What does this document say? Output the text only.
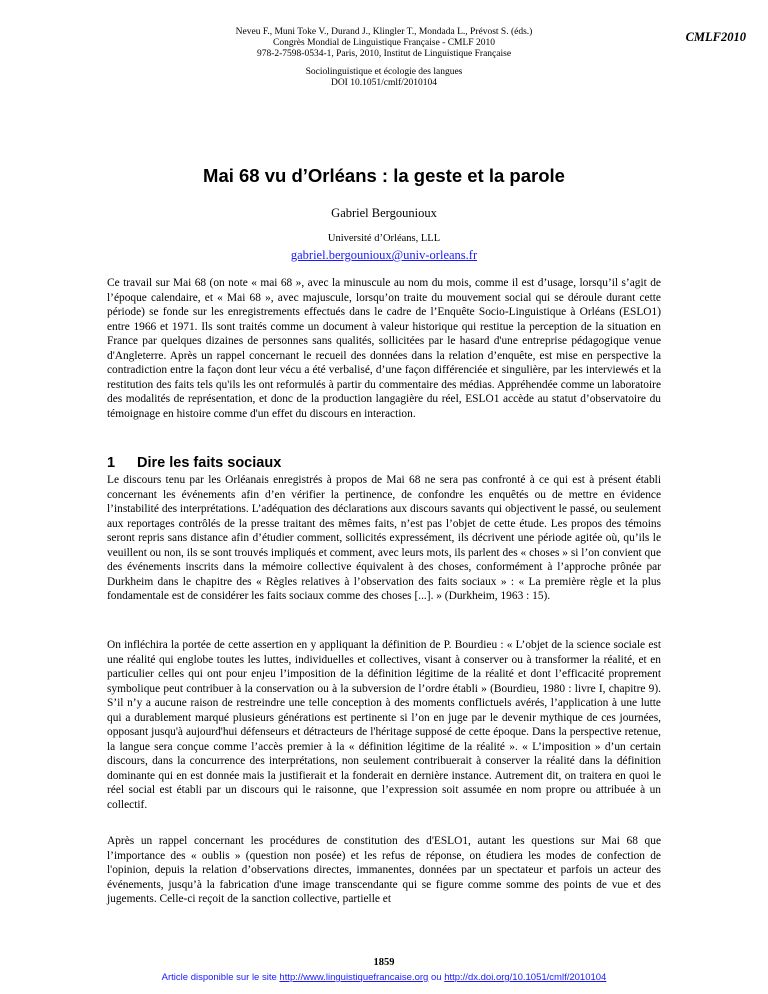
Neveu F., Muni Toke V., Durand J., Klingler T., Mondada L., Prévost S. (éds.)
Congrès Mondial de Linguistique Française - CMLF 2010
978-2-7598-0534-1, Paris, 2010, Institut de Linguistique Française
CMLF2010
Sociolinguistique et écologie des langues
DOI 10.1051/cmlf/2010104
Mai 68 vu d’Orléans : la geste et la parole
Gabriel Bergounioux
Université d’Orléans, LLL
gabriel.bergounioux@univ-orleans.fr

Ce travail sur Mai 68 (on note « mai 68 », avec la minuscule au nom du mois, comme il est d’usage, lorsqu’il s’agit de l’époque calendaire, et « Mai 68 », avec majuscule, lorsqu’on traite du mouvement social qui se déroule durant cette période) se fonde sur les enregistrements effectués dans le cadre de l’Enquête Socio-Linguistique à Orléans (ESLO1) entre 1966 et 1971. Ils sont traités comme un document à valeur historique qui restitue la perception de la situation en France par quelques dizaines de personnes sans qualités, sollicitées par le hasard d'une entreprise pédagogique venue d'Angleterre. Après un rappel concernant le recueil des données dans la relation d’enquête, est mise en perspective la contradiction entre la façon dont leur vécu a été verbalisé, d’une façon différenciée et singulière, par les interviewés et la restitution des faits tels qu'ils les ont reformulés à partir du commentaire des médias. Appréhendée comme un laboratoire des modalités de représentation, et donc de la production langagière du réel, ESLO1 accède au statut d’observatoire du témoignage en histoire comme d'un effet du discours en interaction.

1 Dire les faits sociaux

Le discours tenu par les Orléanais enregistrés à propos de Mai 68 ne sera pas confronté à ce qui est à présent établi concernant les événements afin d’en vérifier la pertinence, de confondre les enquêtés ou de mettre en évidence l’instabilité des interprétations. L’adéquation des déclarations aux discours savants qui objectivent le passé, ou seulement aux reportages contrôlés de la presse traitant des mêmes faits, n’est pas l’objet de cette étude. Les propos des témoins seront repris sans distance afin d’étudier comment, sollicités expressément, ils décrivent une période agitée où, qu’ils le veuillent ou non, ils se sont trouvés impliqués et comment, avec leurs mots, ils parlent des « choses » si l’on convient que des événements inscrits dans la mémoire collective équivalent à des choses, conformément à l’approche prônée par Durkheim dans le chapitre des « Règles relatives à l’observation des faits sociaux » : « La première règle et la plus fondamentale est de considérer les faits sociaux comme des choses [...]. » (Durkheim, 1963 : 15).

On infléchira la portée de cette assertion en y appliquant la définition de P. Bourdieu : « L’objet de la science sociale est une réalité qui englobe toutes les luttes, individuelles et collectives, visant à conserver ou à transformer la réalité, et en particulier celles qui ont pour enjeu l’imposition de la définition légitime de la réalité et dont l’efficacité proprement symbolique peut contribuer à la conservation ou à la subversion de l’ordre établi » (Bourdieu, 1980 : livre I, chapitre 9). S’il n’y a aucune raison de restreindre une telle conception à des moments conflictuels avérés, l’application à une lutte qui a durablement marqué plusieurs générations est pertinente si l’on en juge par le devenir mythique de ces journées, opposant jusqu'à aujourd'hui défenseurs et détracteurs de l'héritage supposé de cette époque. Dans la perspective retenue, la langue sera conçue comme l’accès premier à la « définition légitime de la réalité ». « L’imposition » d’un certain discours, dans la concurrence des interprétations, non seulement contribuerait à conserver la réalité dans la définition dominante qui en est donnée mais la justifierait et la fonderait en dernière instance. Autrement dit, on traitera en quoi le réel social est établi par un discours qui le raisonne, que l’expression soit assumée en nom propre ou attribuée à un collectif.

Après un rappel concernant les procédures de constitution des d'ESLO1, autant les questions sur Mai 68 que l’importance des « oublis » (question non posée) et les refus de réponse, on étudiera les modes de confection de l'opinion, depuis la relation d’observations directes, immanentes, données par un spectateur et parfois un acteur des événements, jusqu’à la fabrication d'une image transcendante qui se figure comme somme des points de vue et des jugements. Celle-ci reçoit de la sanction collective, partielle et

1859
Article disponible sur le site http://www.linguistiquefrancaise.org ou http://dx.doi.org/10.1051/cmlf/2010104
